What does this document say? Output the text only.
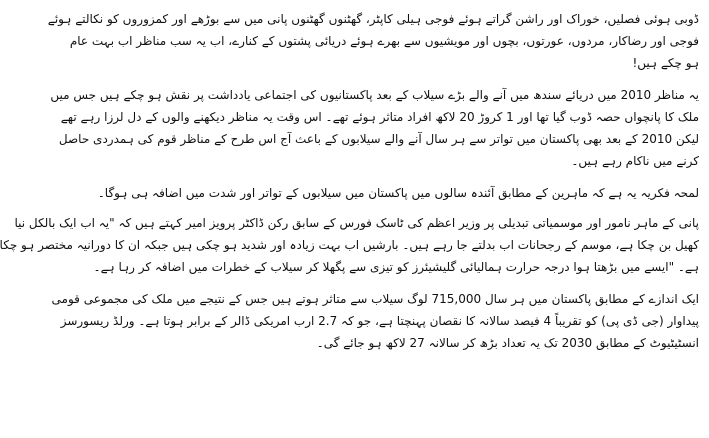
ڈوبی ہوئی فصلیں، خوراک اور راشن گراتے ہوئے فوجی ہیلی کاپٹر، گھٹنوں گھٹنوں پانی میں سے بوڑھے اور کمزوروں کو نکالتے ہوئے
فوجی اور رضاکار، مردوں، عورتوں، بچوں اور مویشیوں سے بھرے ہوئے دریائی پشتوں کے کنارے، اب یہ سب مناظر اب بہت عام
ہو چکے ہیں!

یہ مناظر 2010 میں دریائے سندھ میں آنے والے بڑے سیلاب کے بعد پاکستانیوں کی اجتماعی یادداشت پر نقش ہو چکے ہیں جس میں
ملک کا پانچواں حصہ ڈوب گیا تھا اور 1 کروڑ 20 لاکھ افراد متاثر ہوئے تھے۔ اس وقت یہ مناظر دیکھنے والوں کے دل لرزا رہے تھے
لیکن 2010 کے بعد بھی پاکستان میں تواتر سے ہر سال آنے والے سیلابوں کے باعث آج اس طرح کے مناظر قوم کی ہمدردی حاصل
کرنے میں ناکام رہے ہیں۔

لمحہ فکریہ یہ ہے کہ ماہرین کے مطابق آئندہ سالوں میں پاکستان میں سیلابوں کے تواتر اور شدت میں اضافہ ہی ہوگا۔

پانی کے ماہر نامور اور موسمیاتی تبدیلی پر وزیر اعظم کی ٹاسک فورس کے سابق رکن ڈاکٹر پرویز امیر کہتے ہیں کہ "یہ اب ایک بالکل نیا
کھیل بن چکا ہے، موسم کے رجحانات اب بدلتے جا رہے ہیں۔ بارشیں اب بہت زیادہ اور شدید ہو چکی ہیں جبکہ ان کا دورانیہ مختصر ہو چکا
ہے۔ "ایسے میں بڑھتا ہوا درجہ حرارت ہمالیائی گلیشیئرز کو تیزی سے پگھلا کر سیلاب کے خطرات میں اضافہ کر رہا ہے۔

ایک اندازے کے مطابق پاکستان میں ہر سال 715,000 لوگ سیلاب سے متاثر ہوتے ہیں جس کے نتیجے میں ملک کی مجموعی قومی
پیداوار (جی ڈی پی) کو تقریباً 4 فیصد سالانہ کا نقصان پہنچتا ہے، جو کہ 2.7 ارب امریکی ڈالر کے برابر ہوتا ہے۔ ورلڈ ریسورسز
انسٹیٹیوٹ کے مطابق 2030 تک یہ تعداد بڑھ کر سالانہ 27 لاکھ ہو جائے گی۔
